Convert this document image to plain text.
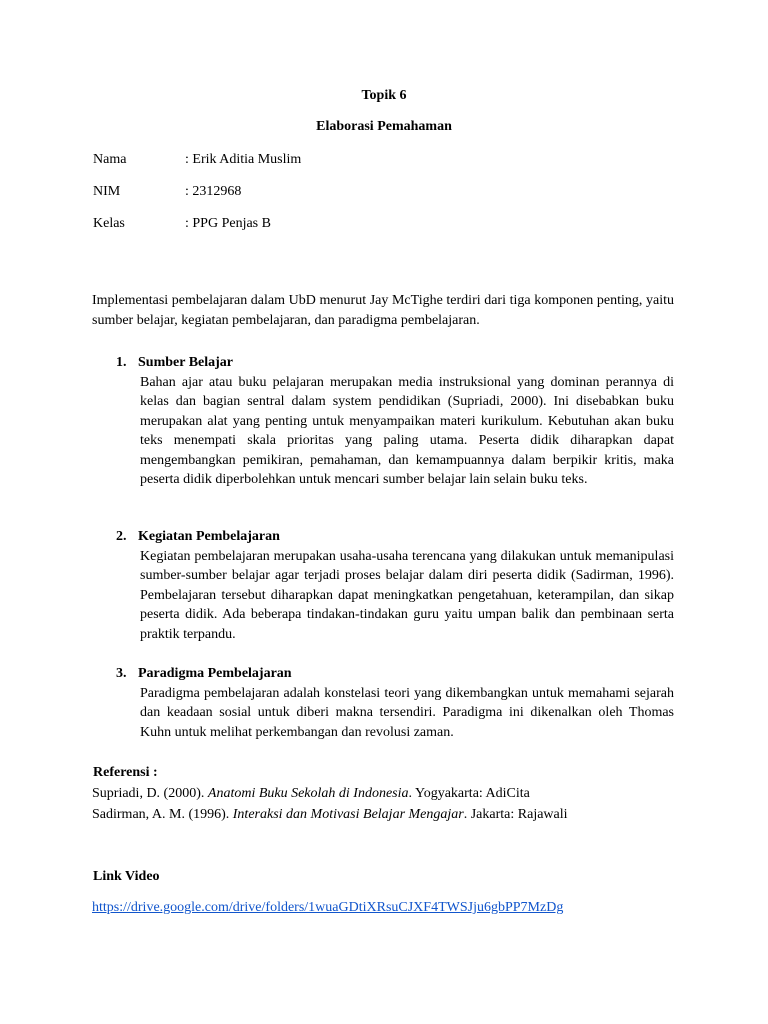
Topik 6
Elaborasi Pemahaman
Nama	: Erik Aditia Muslim
NIM	: 2312968
Kelas	: PPG Penjas B

Implementasi pembelajaran dalam UbD menurut Jay McTighe terdiri dari tiga komponen penting, yaitu sumber belajar, kegiatan pembelajaran, dan paradigma pembelajaran.

1. Sumber Belajar
Bahan ajar atau buku pelajaran merupakan media instruksional yang dominan perannya di kelas dan bagian sentral dalam system pendidikan (Supriadi, 2000). Ini disebabkan buku merupakan alat yang penting untuk menyampaikan materi kurikulum. Kebutuhan akan buku teks menempati skala prioritas yang paling utama. Peserta didik diharapkan dapat mengembangkan pemikiran, pemahaman, dan kemampuannya dalam berpikir kritis, maka peserta didik diperbolehkan untuk mencari sumber belajar lain selain buku teks.
2. Kegiatan Pembelajaran
Kegiatan pembelajaran merupakan usaha-usaha terencana yang dilakukan untuk memanipulasi sumber-sumber belajar agar terjadi proses belajar dalam diri peserta didik (Sadirman, 1996). Pembelajaran tersebut diharapkan dapat meningkatkan pengetahuan, keterampilan, dan sikap peserta didik. Ada beberapa tindakan-tindakan guru yaitu umpan balik dan pembinaan serta praktik terpandu.
3. Paradigma Pembelajaran
Paradigma pembelajaran adalah konstelasi teori yang dikembangkan untuk memahami sejarah dan keadaan sosial untuk diberi makna tersendiri. Paradigma ini dikenalkan oleh Thomas Kuhn untuk melihat perkembangan dan revolusi zaman.
Referensi :
Supriadi, D. (2000). Anatomi Buku Sekolah di Indonesia. Yogyakarta: AdiCita
Sadirman, A. M. (1996). Interaksi dan Motivasi Belajar Mengajar. Jakarta: Rajawali
Link Video
https://drive.google.com/drive/folders/1wuaGDtiXRsuCJXF4TWSJju6gbPP7MzDg
